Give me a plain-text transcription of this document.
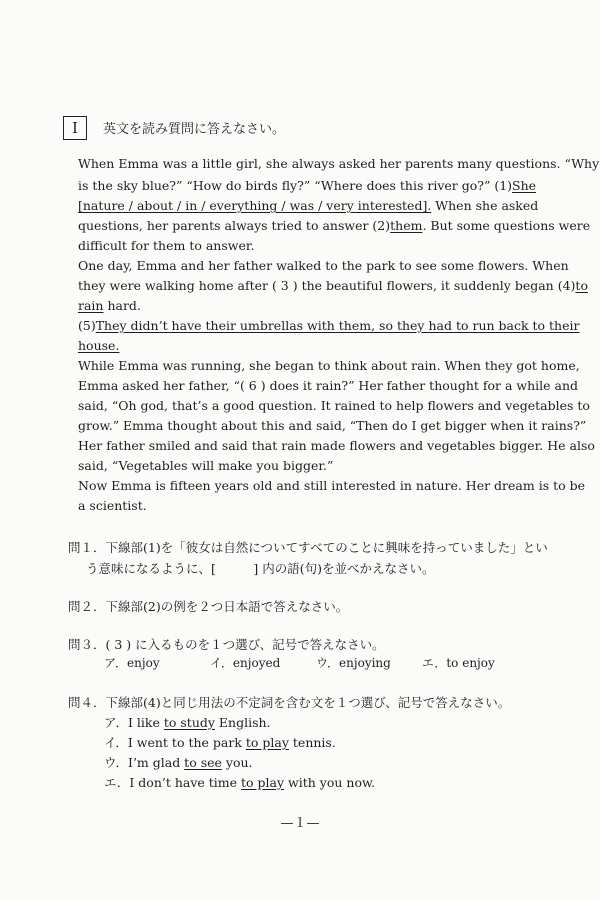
I	英文を読み質問に答えなさい。
When Emma was a little girl, she always asked her parents many questions. “Why
is the sky blue?” “How do birds fly?” “Where does this river go?” (1)She
[nature / about / in / everything / was / very interested]. When she asked
questions, her parents always tried to answer (2)them. But some questions were
difficult for them to answer.
One day, Emma and her father walked to the park to see some flowers. When
they were walking home after ( 3 ) the beautiful flowers, it suddenly began (4)to
rain hard.
(5)They didn’t have their umbrellas with them, so they had to run back to their
house.
While Emma was running, she began to think about rain. When they got home,
Emma asked her father, “( 6 ) does it rain?” Her father thought for a while and
said, “Oh god, that’s a good question. It rained to help flowers and vegetables to
grow.” Emma thought about this and said, “Then do I get bigger when it rains?”
Her father smiled and said that rain made flowers and vegetables bigger. He also
said, “Vegetables will make you bigger.”
Now Emma is fifteen years old and still interested in nature. Her dream is to be
a scientist.
問１．下線部(1)を「彼女は自然についてすべてのことに興味を持っていました」とい
う意味になるように、[　　　] 内の語(句)を並べかえなさい。
問２．下線部(2)の例を２つ日本語で答えなさい。
問３．( 3 ) に入るものを１つ選び、記号で答えなさい。
ア．enjoy	イ．enjoyed	ウ．enjoying	エ．to enjoy
問４．下線部(4)と同じ用法の不定詞を含む文を１つ選び、記号で答えなさい。
ア．I like to study English.
イ．I went to the park to play tennis.
ウ．I’m glad to see you.
エ．I don’t have time to play with you now.
—１—
